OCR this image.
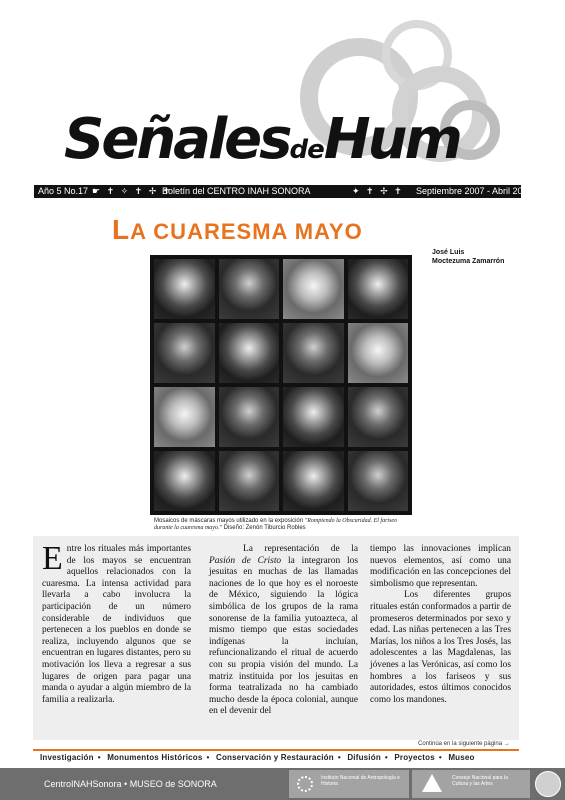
SeñalesdeHum
Año 5 No.17 ☛ ✝ ✧ ✝ ✢ ✝
Boletín del CENTRO INAH SONORA	✦ ✝ ✢ ✝ Septiembre 2007 - Abril 2008
LA CUARESMA MAYO
José Luis
Moctezuma Zamarrón
Mosaicos de máscaras mayos utilizado en la exposición "Rompiendo la Obscuridad. El fariseo durante la cuaresma mayo." Diseño: Zenón Tiburcio Robles

Entre los rituales más importantes de los mayos se encuentran aquellos relacionados con la cuaresma. La intensa actividad para llevarla a cabo involucra la participación de un número considerable de individuos que pertenecen a los pueblos en donde se realiza, incluyendo algunos que se encuentran en lugares distantes, pero su motivación los lleva a regresar a sus lugares de origen para pagar una manda o ayudar a algún miembro de la familia a realizarla.

La representación de la Pasión de Cristo la integraron los jesuitas en muchas de las llamadas naciones de lo que hoy es el noroeste de México, siguiendo la lógica simbólica de los grupos de la rama sonorense de la familia yutoazteca, al mismo tiempo que estas sociedades indígenas la incluían, refuncionalizando el ritual de acuerdo con su propia visión del mundo. La matriz instituida por los jesuitas en forma teatralizada no ha cambiado mucho desde la época colonial, aunque en el devenir del

tiempo las innovaciones implican nuevos elementos, así como una modificación en las concepciones del simbolismo que representan.

Los diferentes grupos rituales están conformados a partir de promeseros determinados por sexo y edad. Las niñas pertenecen a las Tres Marías, los niños a los Tres Josés, las adolescentes a las Magdalenas, las jóvenes a las Verónicas, así como los hombres a los fariseos y sus autoridades, estos últimos conocidos como los mandones.

Continúa en la siguiente página →
Investigación • Monumentos Históricos • Conservación y Restauración • Difusión • Proyectos • Museo
CentroINAHSonora • MUSEO de SONORA
Instituto Nacional de Antropología e Historia
Consejo Nacional para la Cultura y las Artes
